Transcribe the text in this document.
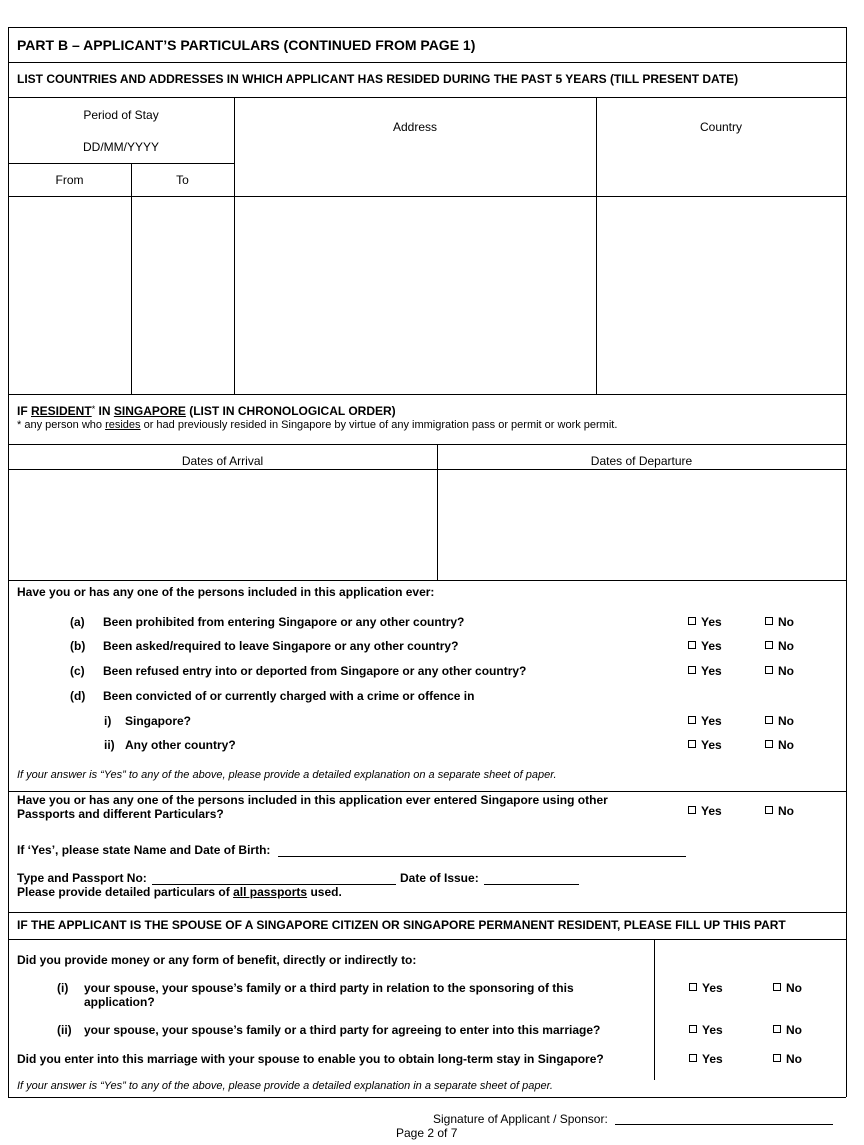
PART B – APPLICANT’S PARTICULARS (CONTINUED FROM PAGE 1)
LIST COUNTRIES AND ADDRESSES IN WHICH APPLICANT HAS RESIDED DURING THE PAST 5 YEARS (TILL PRESENT DATE)
Period of Stay
DD/MM/YYYY
From	To
Address	Country
IF RESIDENT* IN SINGAPORE (LIST IN CHRONOLOGICAL ORDER)
* any person who resides or had previously resided in Singapore by virtue of any immigration pass or permit or work permit.
Dates of Arrival	Dates of Departure
Have you or has any one of the persons included in this application ever:
(a) Been prohibited from entering Singapore or any other country?	Yes	No
(b) Been asked/required to leave Singapore or any other country?	Yes	No
(c) Been refused entry into or deported from Singapore or any other country?	Yes	No
(d) Been convicted of or currently charged with a crime or offence in
i) Singapore?	Yes	No
ii) Any other country?	Yes	No
If your answer is “Yes” to any of the above, please provide a detailed explanation on a separate sheet of paper.
Have you or has any one of the persons included in this application ever entered Singapore using other
Passports and different Particulars?	Yes	No
If ‘Yes’, please state Name and Date of Birth:
Type and Passport No:	Date of Issue:
Please provide detailed particulars of all passports used.
IF THE APPLICANT IS THE SPOUSE OF A SINGAPORE CITIZEN OR SINGAPORE PERMANENT RESIDENT, PLEASE FILL UP THIS PART
Did you provide money or any form of benefit, directly or indirectly to:
(i) your spouse, your spouse’s family or a third party in relation to the sponsoring of this
application?
Yes	No
(ii) your spouse, your spouse’s family or a third party for agreeing to enter into this marriage?	Yes	No
Did you enter into this marriage with your spouse to enable you to obtain long-term stay in Singapore?	Yes	No
If your answer is “Yes” to any of the above, please provide a detailed explanation in a separate sheet of paper.
Signature of Applicant / Sponsor:
Page 2 of 7
